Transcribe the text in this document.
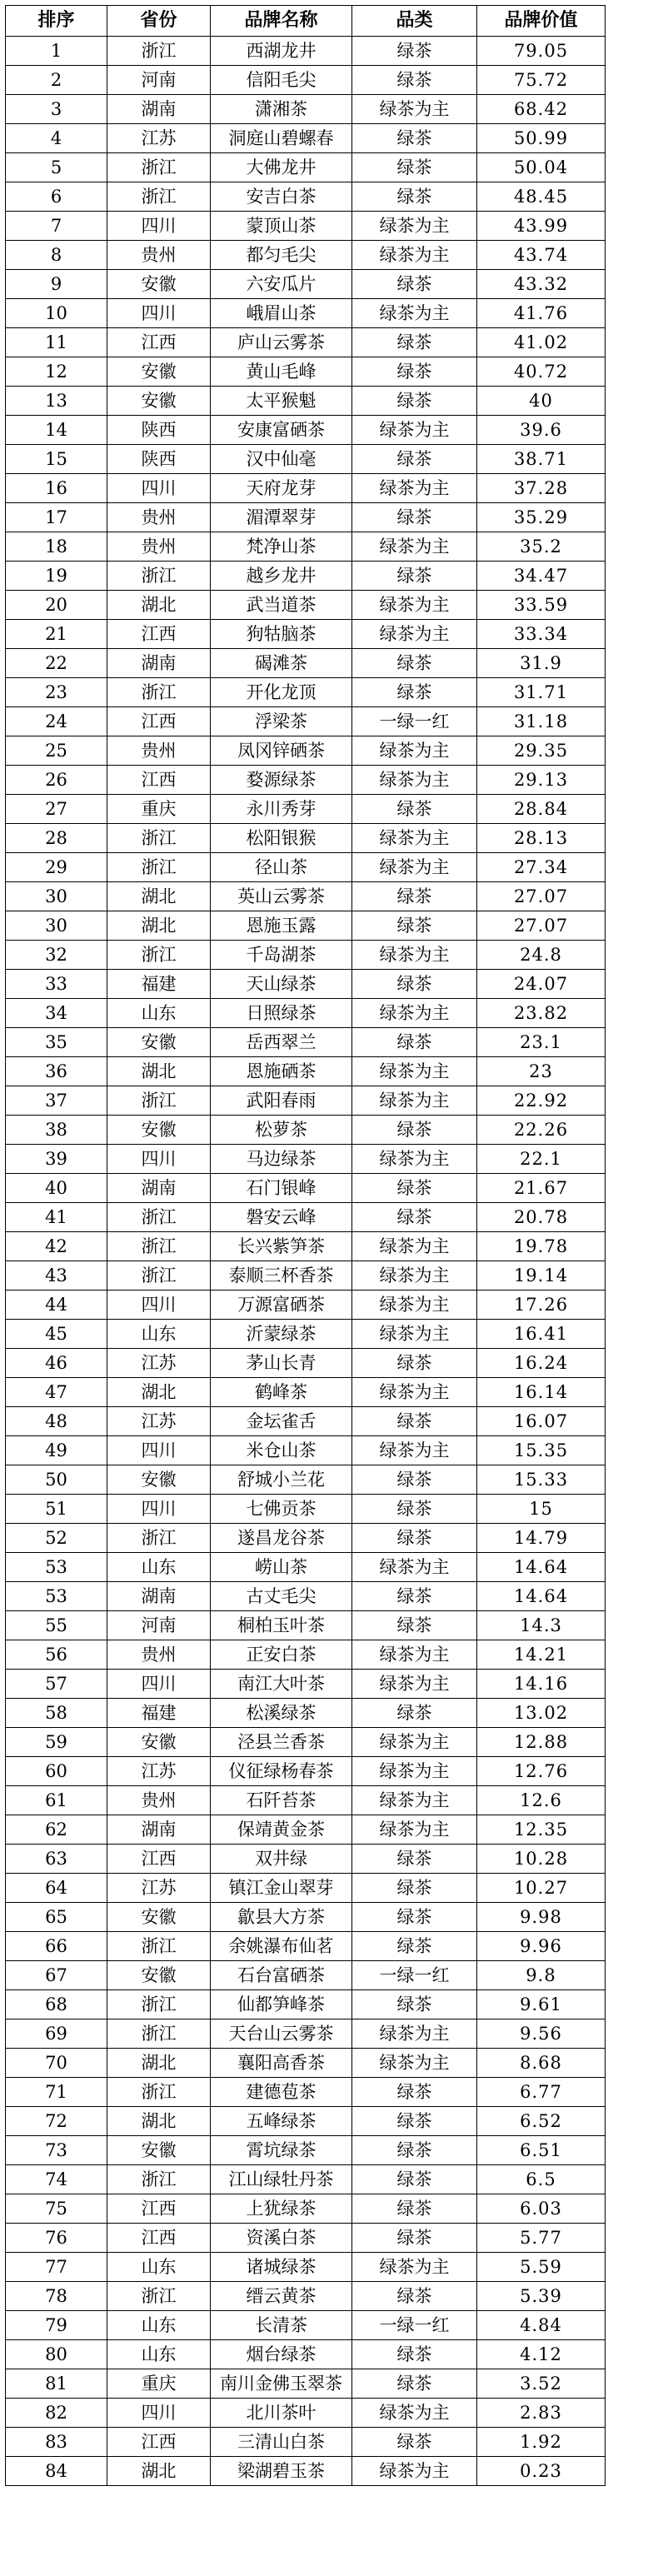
排序	省份	品牌名称	品类	品牌价值
1	浙江	西湖龙井	绿茶	79.05
2	河南	信阳毛尖	绿茶	75.72
3	湖南	潇湘茶	绿茶为主	68.42
4	江苏	洞庭山碧螺春	绿茶	50.99
5	浙江	大佛龙井	绿茶	50.04
6	浙江	安吉白茶	绿茶	48.45
7	四川	蒙顶山茶	绿茶为主	43.99
8	贵州	都匀毛尖	绿茶为主	43.74
9	安徽	六安瓜片	绿茶	43.32
10	四川	峨眉山茶	绿茶为主	41.76
11	江西	庐山云雾茶	绿茶	41.02
12	安徽	黄山毛峰	绿茶	40.72
13	安徽	太平猴魁	绿茶	40
14	陕西	安康富硒茶	绿茶为主	39.6
15	陕西	汉中仙毫	绿茶	38.71
16	四川	天府龙芽	绿茶为主	37.28
17	贵州	湄潭翠芽	绿茶	35.29
18	贵州	梵净山茶	绿茶为主	35.2
19	浙江	越乡龙井	绿茶	34.47
20	湖北	武当道茶	绿茶为主	33.59
21	江西	狗牯脑茶	绿茶为主	33.34
22	湖南	碣滩茶	绿茶	31.9
23	浙江	开化龙顶	绿茶	31.71
24	江西	浮梁茶	一绿一红	31.18
25	贵州	凤冈锌硒茶	绿茶为主	29.35
26	江西	婺源绿茶	绿茶为主	29.13
27	重庆	永川秀芽	绿茶	28.84
28	浙江	松阳银猴	绿茶为主	28.13
29	浙江	径山茶	绿茶为主	27.34
30	湖北	英山云雾茶	绿茶	27.07
30	湖北	恩施玉露	绿茶	27.07
32	浙江	千岛湖茶	绿茶为主	24.8
33	福建	天山绿茶	绿茶	24.07
34	山东	日照绿茶	绿茶为主	23.82
35	安徽	岳西翠兰	绿茶	23.1
36	湖北	恩施硒茶	绿茶为主	23
37	浙江	武阳春雨	绿茶为主	22.92
38	安徽	松萝茶	绿茶	22.26
39	四川	马边绿茶	绿茶为主	22.1
40	湖南	石门银峰	绿茶	21.67
41	浙江	磐安云峰	绿茶	20.78
42	浙江	长兴紫笋茶	绿茶为主	19.78
43	浙江	泰顺三杯香茶	绿茶为主	19.14
44	四川	万源富硒茶	绿茶为主	17.26
45	山东	沂蒙绿茶	绿茶为主	16.41
46	江苏	茅山长青	绿茶	16.24
47	湖北	鹤峰茶	绿茶为主	16.14
48	江苏	金坛雀舌	绿茶	16.07
49	四川	米仓山茶	绿茶为主	15.35
50	安徽	舒城小兰花	绿茶	15.33
51	四川	七佛贡茶	绿茶	15
52	浙江	遂昌龙谷茶	绿茶	14.79
53	山东	崂山茶	绿茶为主	14.64
53	湖南	古丈毛尖	绿茶	14.64
55	河南	桐柏玉叶茶	绿茶	14.3
56	贵州	正安白茶	绿茶为主	14.21
57	四川	南江大叶茶	绿茶为主	14.16
58	福建	松溪绿茶	绿茶	13.02
59	安徽	泾县兰香茶	绿茶为主	12.88
60	江苏	仪征绿杨春茶	绿茶为主	12.76
61	贵州	石阡苔茶	绿茶为主	12.6
62	湖南	保靖黄金茶	绿茶为主	12.35
63	江西	双井绿	绿茶	10.28
64	江苏	镇江金山翠芽	绿茶	10.27
65	安徽	歙县大方茶	绿茶	9.98
66	浙江	余姚瀑布仙茗	绿茶	9.96
67	安徽	石台富硒茶	一绿一红	9.8
68	浙江	仙都笋峰茶	绿茶	9.61
69	浙江	天台山云雾茶	绿茶为主	9.56
70	湖北	襄阳高香茶	绿茶为主	8.68
71	浙江	建德苞茶	绿茶	6.77
72	湖北	五峰绿茶	绿茶	6.52
73	安徽	霄坑绿茶	绿茶	6.51
74	浙江	江山绿牡丹茶	绿茶	6.5
75	江西	上犹绿茶	绿茶	6.03
76	江西	资溪白茶	绿茶	5.77
77	山东	诸城绿茶	绿茶为主	5.59
78	浙江	缙云黄茶	绿茶	5.39
79	山东	长清茶	一绿一红	4.84
80	山东	烟台绿茶	绿茶	4.12
81	重庆	南川金佛玉翠茶	绿茶	3.52
82	四川	北川茶叶	绿茶为主	2.83
83	江西	三清山白茶	绿茶	1.92
84	湖北	梁湖碧玉茶	绿茶为主	0.23
